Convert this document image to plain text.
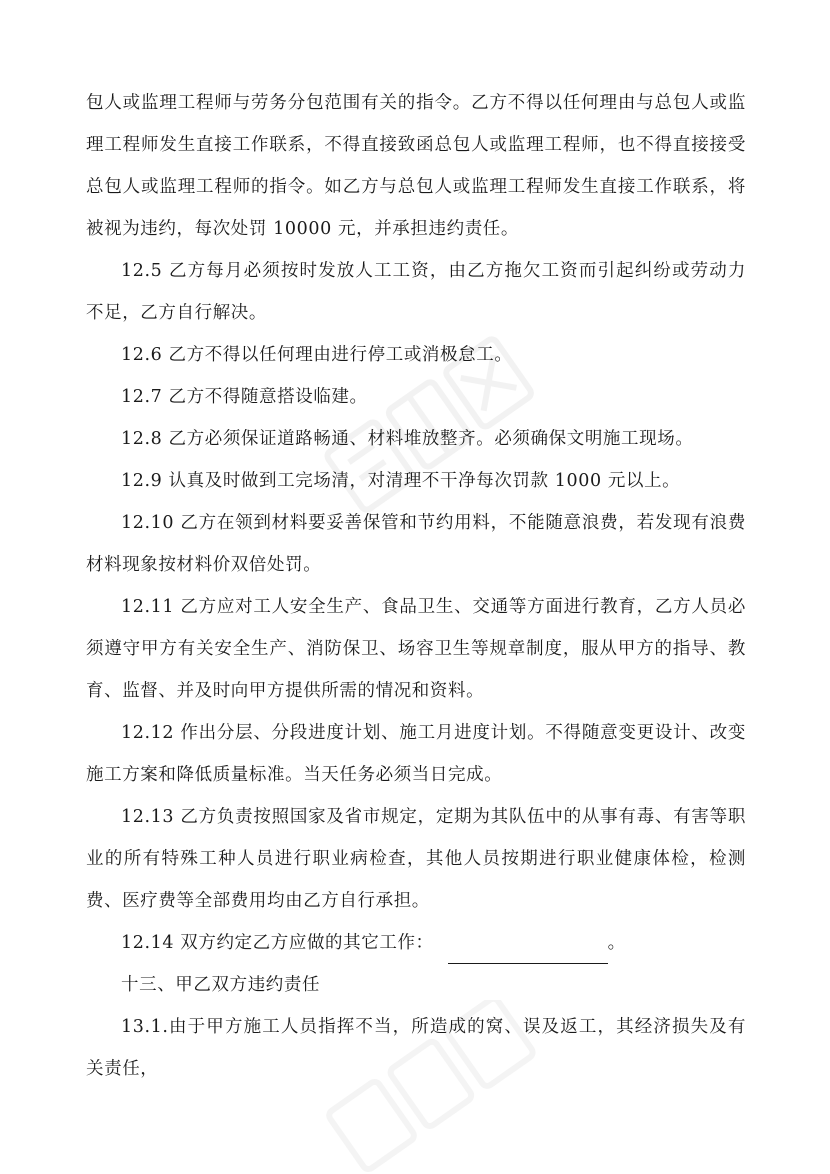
包人或监理工程师与劳务分包范围有关的指令。乙方不得以任何理由与总包人或监理工程师发生直接工作联系，不得直接致函总包人或监理工程师，也不得直接接受总包人或监理工程师的指令。如乙方与总包人或监理工程师发生直接工作联系，将被视为违约，每次处罚 10000 元，并承担违约责任。

12.5 乙方每月必须按时发放人工工资，由乙方拖欠工资而引起纠纷或劳动力不足，乙方自行解决。

12.6 乙方不得以任何理由进行停工或消极怠工。

12.7 乙方不得随意搭设临建。

12.8 乙方必须保证道路畅通、材料堆放整齐。必须确保文明施工现场。

12.9 认真及时做到工完场清，对清理不干净每次罚款 1000 元以上。

12.10 乙方在领到材料要妥善保管和节约用料，不能随意浪费，若发现有浪费材料现象按材料价双倍处罚。

12.11 乙方应对工人安全生产、食品卫生、交通等方面进行教育，乙方人员必须遵守甲方有关安全生产、消防保卫、场容卫生等规章制度，服从甲方的指导、教育、监督、并及时向甲方提供所需的情况和资料。

12.12 作出分层、分段进度计划、施工月进度计划。不得随意变更设计、改变施工方案和降低质量标准。当天任务必须当日完成。

12.13 乙方负责按照国家及省市规定，定期为其队伍中的从事有毒、有害等职业的所有特殊工种人员进行职业病检查，其他人员按期进行职业健康体检，检测费、医疗费等全部费用均由乙方自行承担。

12.14 双方约定乙方应做的其它工作：	。

十三、甲乙双方违约责任

13.1.由于甲方施工人员指挥不当，所造成的窝、误及返工，其经济损失及有关责任，
